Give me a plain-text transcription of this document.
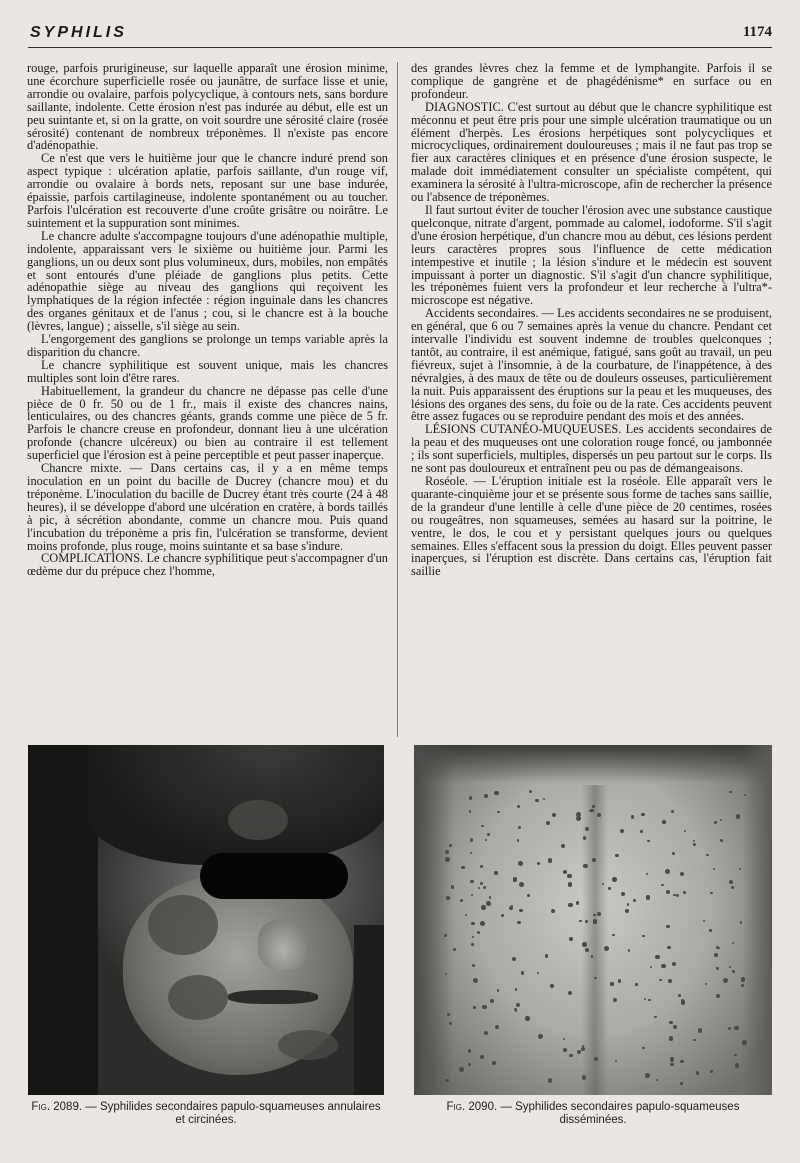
SYPHILIS	1174

rouge, parfois prurigineuse, sur laquelle apparaît une érosion minime, une écorchure superficielle rosée ou jaunâtre, de surface lisse et unie, arrondie ou ovalaire, parfois polycyclique, à contours nets, sans bordure saillante, indolente. Cette érosion n'est pas indurée au début, elle est un peu suintante et, si on la gratte, on voit sourdre une sérosité claire (rosée sérosité) contenant de nombreux tréponèmes. Il n'existe pas encore d'adénopathie.

Ce n'est que vers le huitième jour que le chancre induré prend son aspect typique : ulcération aplatie, parfois saillante, d'un rouge vif, arrondie ou ovalaire à bords nets, reposant sur une base indurée, épaissie, parfois cartilagineuse, indolente spontanément ou au toucher. Parfois l'ulcération est recouverte d'une croûte grisâtre ou noirâtre. Le suintement et la suppuration sont minimes.

Le chancre adulte s'accompagne toujours d'une adénopathie multiple, indolente, apparaissant vers le sixième ou huitième jour. Parmi les ganglions, un ou deux sont plus volumineux, durs, mobiles, non empâtés et sont entourés d'une pléiade de ganglions plus petits. Cette adénopathie siège au niveau des ganglions qui reçoivent les lymphatiques de la région infectée : région inguinale dans les chancres des organes génitaux et de l'anus ; cou, si le chancre est à la bouche (lèvres, langue) ; aisselle, s'il siège au sein.

L'engorgement des ganglions se prolonge un temps variable après la disparition du chancre.

Le chancre syphilitique est souvent unique, mais les chancres multiples sont loin d'être rares.

Habituellement, la grandeur du chancre ne dépasse pas celle d'une pièce de 0 fr. 50 ou de 1 fr., mais il existe des chancres nains, lenticulaires, ou des chancres géants, grands comme une pièce de 5 fr. Parfois le chancre creuse en profondeur, donnant lieu à une ulcération profonde (chancre ulcéreux) ou bien au contraire il est tellement superficiel que l'érosion est à peine perceptible et peut passer inaperçue.

Chancre mixte. — Dans certains cas, il y a en même temps inoculation en un point du bacille de Ducrey (chancre mou) et du tréponème. L'inoculation du bacille de Ducrey étant très courte (24 à 48 heures), il se développe d'abord une ulcération en cratère, à bords taillés à pic, à sécrétion abondante, comme un chancre mou. Puis quand l'incubation du tréponème a pris fin, l'ulcération se transforme, devient moins profonde, plus rouge, moins suintante et sa base s'indure.

COMPLICATIONS. Le chancre syphilitique peut s'accompagner d'un œdème dur du prépuce chez l'homme,

des grandes lèvres chez la femme et de lymphangite. Parfois il se complique de gangrène et de phagédénisme* en surface ou en profondeur.

DIAGNOSTIC. C'est surtout au début que le chancre syphilitique est méconnu et peut être pris pour une simple ulcération traumatique ou un élément d'herpès. Les érosions herpétiques sont polycycliques et microcycliques, ordinairement douloureuses ; mais il ne faut pas trop se fier aux caractères cliniques et en présence d'une érosion suspecte, le malade doit immédiatement consulter un spécialiste compétent, qui examinera la sérosité à l'ultra-microscope, afin de rechercher la présence ou l'absence de tréponèmes.

Il faut surtout éviter de toucher l'érosion avec une substance caustique quelconque, nitrate d'argent, pommade au calomel, iodoforme. S'il s'agit d'une érosion herpétique, d'un chancre mou au début, ces lésions perdent leurs caractères propres sous l'influence de cette médication intempestive et inutile ; la lésion s'indure et le médecin est souvent impuissant à porter un diagnostic. S'il s'agit d'un chancre syphilitique, les tréponèmes fuient vers la profondeur et leur recherche à l'ultra*-microscope est négative.

Accidents secondaires. — Les accidents secondaires ne se produisent, en général, que 6 ou 7 semaines après la venue du chancre. Pendant cet intervalle l'individu est souvent indemne de troubles quelconques ; tantôt, au contraire, il est anémique, fatigué, sans goût au travail, un peu fiévreux, sujet à l'insomnie, à de la courbature, de l'inappétence, à des névralgies, à des maux de tête ou de douleurs osseuses, particulièrement la nuit. Puis apparaissent des éruptions sur la peau et les muqueuses, des lésions des organes des sens, du foie ou de la rate. Ces accidents peuvent être assez fugaces ou se reproduire pendant des mois et des années.

LÉSIONS CUTANÉO-MUQUEUSES. Les accidents secondaires de la peau et des muqueuses ont une coloration rouge foncé, ou jambonnée ; ils sont superficiels, multiples, dispersés un peu partout sur le corps. Ils ne sont pas douloureux et entraînent peu ou pas de démangeaisons.

Roséole. — L'éruption initiale est la roséole. Elle apparaît vers le quarante-cinquième jour et se présente sous forme de taches sans saillie, de la grandeur d'une lentille à celle d'une pièce de 20 centimes, rosées ou rougeâtres, non squameuses, semées au hasard sur la poitrine, le ventre, le dos, le cou et y persistant quelques jours ou quelques semaines. Elles s'effacent sous la pression du doigt. Elles peuvent passer inaperçues, si l'éruption est discrète. Dans certains cas, l'éruption fait saillie

Fig. 2089. — Syphilides secondaires papulo-squameuses annulaires et circinées.
Fig. 2090. — Syphilides secondaires papulo-squameuses disséminées.
